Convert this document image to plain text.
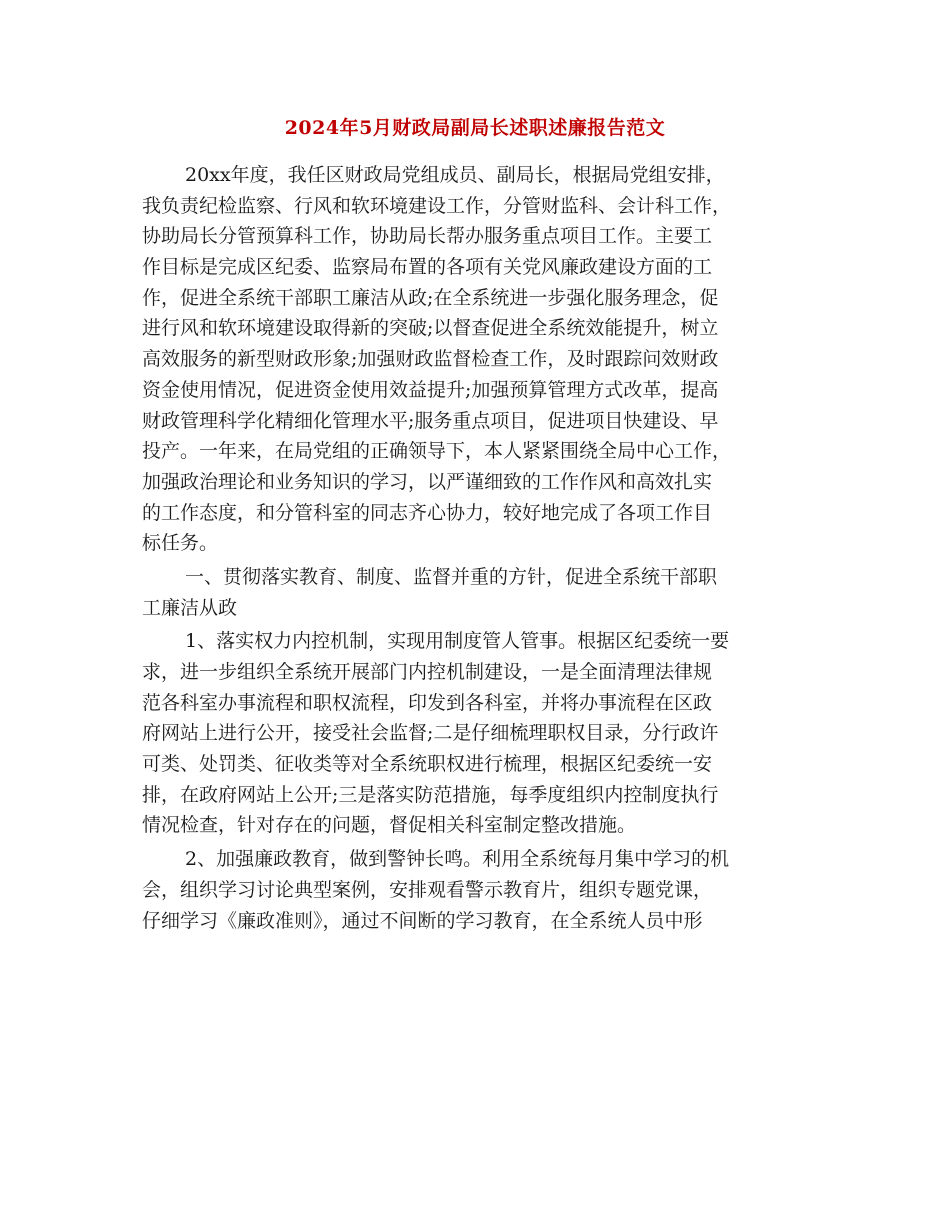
2024年5月财政局副局长述职述廉报告范文
20xx年度，我任区财政局党组成员、副局长，根据局党组安排，
我负责纪检监察、行风和软环境建设工作，分管财监科、会计科工作，
协助局长分管预算科工作，协助局长帮办服务重点项目工作。主要工
作目标是完成区纪委、监察局布置的各项有关党风廉政建设方面的工
作，促进全系统干部职工廉洁从政;在全系统进一步强化服务理念，促
进行风和软环境建设取得新的突破;以督查促进全系统效能提升，树立
高效服务的新型财政形象;加强财政监督检查工作，及时跟踪问效财政
资金使用情况，促进资金使用效益提升;加强预算管理方式改革，提高
财政管理科学化精细化管理水平;服务重点项目，促进项目快建设、早
投产。一年来，在局党组的正确领导下，本人紧紧围绕全局中心工作，
加强政治理论和业务知识的学习，以严谨细致的工作作风和高效扎实
的工作态度，和分管科室的同志齐心协力，较好地完成了各项工作目
标任务。
一、贯彻落实教育、制度、监督并重的方针，促进全系统干部职
工廉洁从政
1、落实权力内控机制，实现用制度管人管事。根据区纪委统一要
求，进一步组织全系统开展部门内控机制建设，一是全面清理法律规
范各科室办事流程和职权流程，印发到各科室，并将办事流程在区政
府网站上进行公开，接受社会监督;二是仔细梳理职权目录，分行政许
可类、处罚类、征收类等对全系统职权进行梳理，根据区纪委统一安
排，在政府网站上公开;三是落实防范措施，每季度组织内控制度执行
情况检查，针对存在的问题，督促相关科室制定整改措施。
2、加强廉政教育，做到警钟长鸣。利用全系统每月集中学习的机
会，组织学习讨论典型案例，安排观看警示教育片，组织专题党课，
仔细学习《廉政准则》，通过不间断的学习教育，在全系统人员中形
